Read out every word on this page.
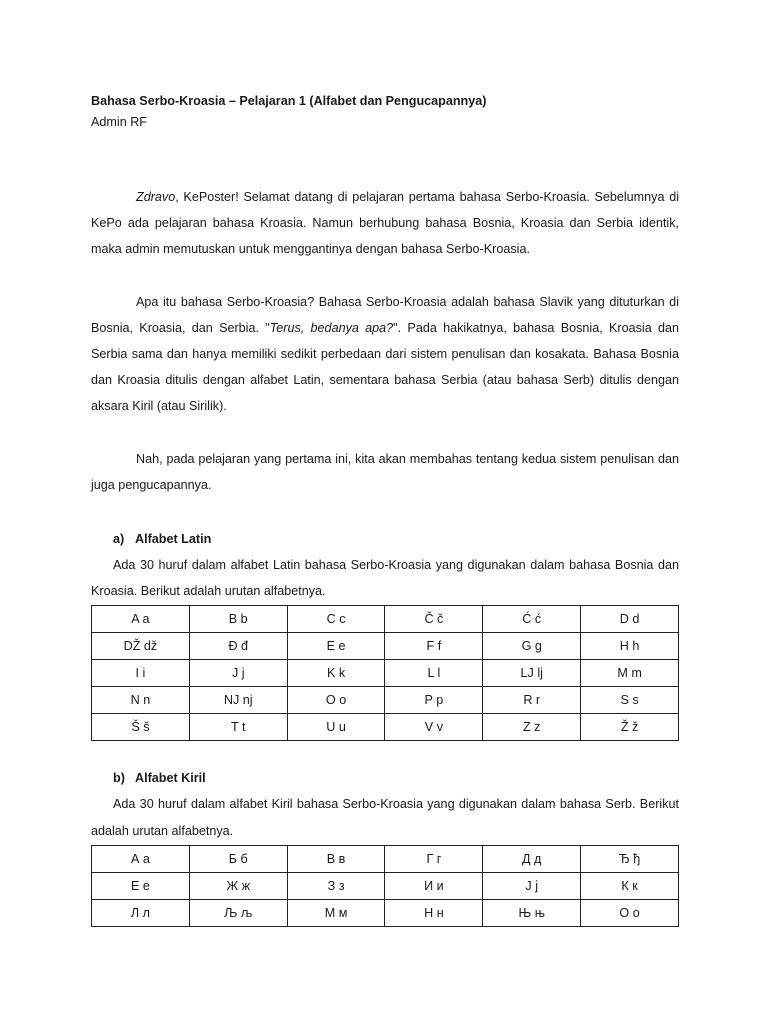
Bahasa Serbo-Kroasia – Pelajaran 1 (Alfabet dan Pengucapannya)
Admin RF

Zdravo, KePoster! Selamat datang di pelajaran pertama bahasa Serbo-Kroasia. Sebelumnya di KePo ada pelajaran bahasa Kroasia. Namun berhubung bahasa Bosnia, Kroasia dan Serbia identik, maka admin memutuskan untuk menggantinya dengan bahasa Serbo-Kroasia.

Apa itu bahasa Serbo-Kroasia? Bahasa Serbo-Kroasia adalah bahasa Slavik yang dituturkan di Bosnia, Kroasia, dan Serbia. "Terus, bedanya apa?". Pada hakikatnya, bahasa Bosnia, Kroasia dan Serbia sama dan hanya memiliki sedikit perbedaan dari sistem penulisan dan kosakata. Bahasa Bosnia dan Kroasia ditulis dengan alfabet Latin, sementara bahasa Serbia (atau bahasa Serb) ditulis dengan aksara Kiril (atau Sirilik).

Nah, pada pelajaran yang pertama ini, kita akan membahas tentang kedua sistem penulisan dan juga pengucapannya.

a) Alfabet Latin
Ada 30 huruf dalam alfabet Latin bahasa Serbo-Kroasia yang digunakan dalam bahasa Bosnia dan Kroasia. Berikut adalah urutan alfabetnya.
A a	B b	C c	Č č	Ć ć	D d
DŽ dž	Đ đ	E e	F f	G g	H h
I i	J j	K k	L l	LJ lj	M m
N n	NJ nj	O o	P p	R r	S s
Š š	T t	U u	V v	Z z	Ž ž
b) Alfabet Kiril
Ada 30 huruf dalam alfabet Kiril bahasa Serbo-Kroasia yang digunakan dalam bahasa Serb. Berikut adalah urutan alfabetnya.
А а	Б б	В в	Г г	Д д	Ђ ђ
Е е	Ж ж	З з	И и	Ј ј	К к
Л л	Љ љ	М м	Н н	Њ њ	О о
